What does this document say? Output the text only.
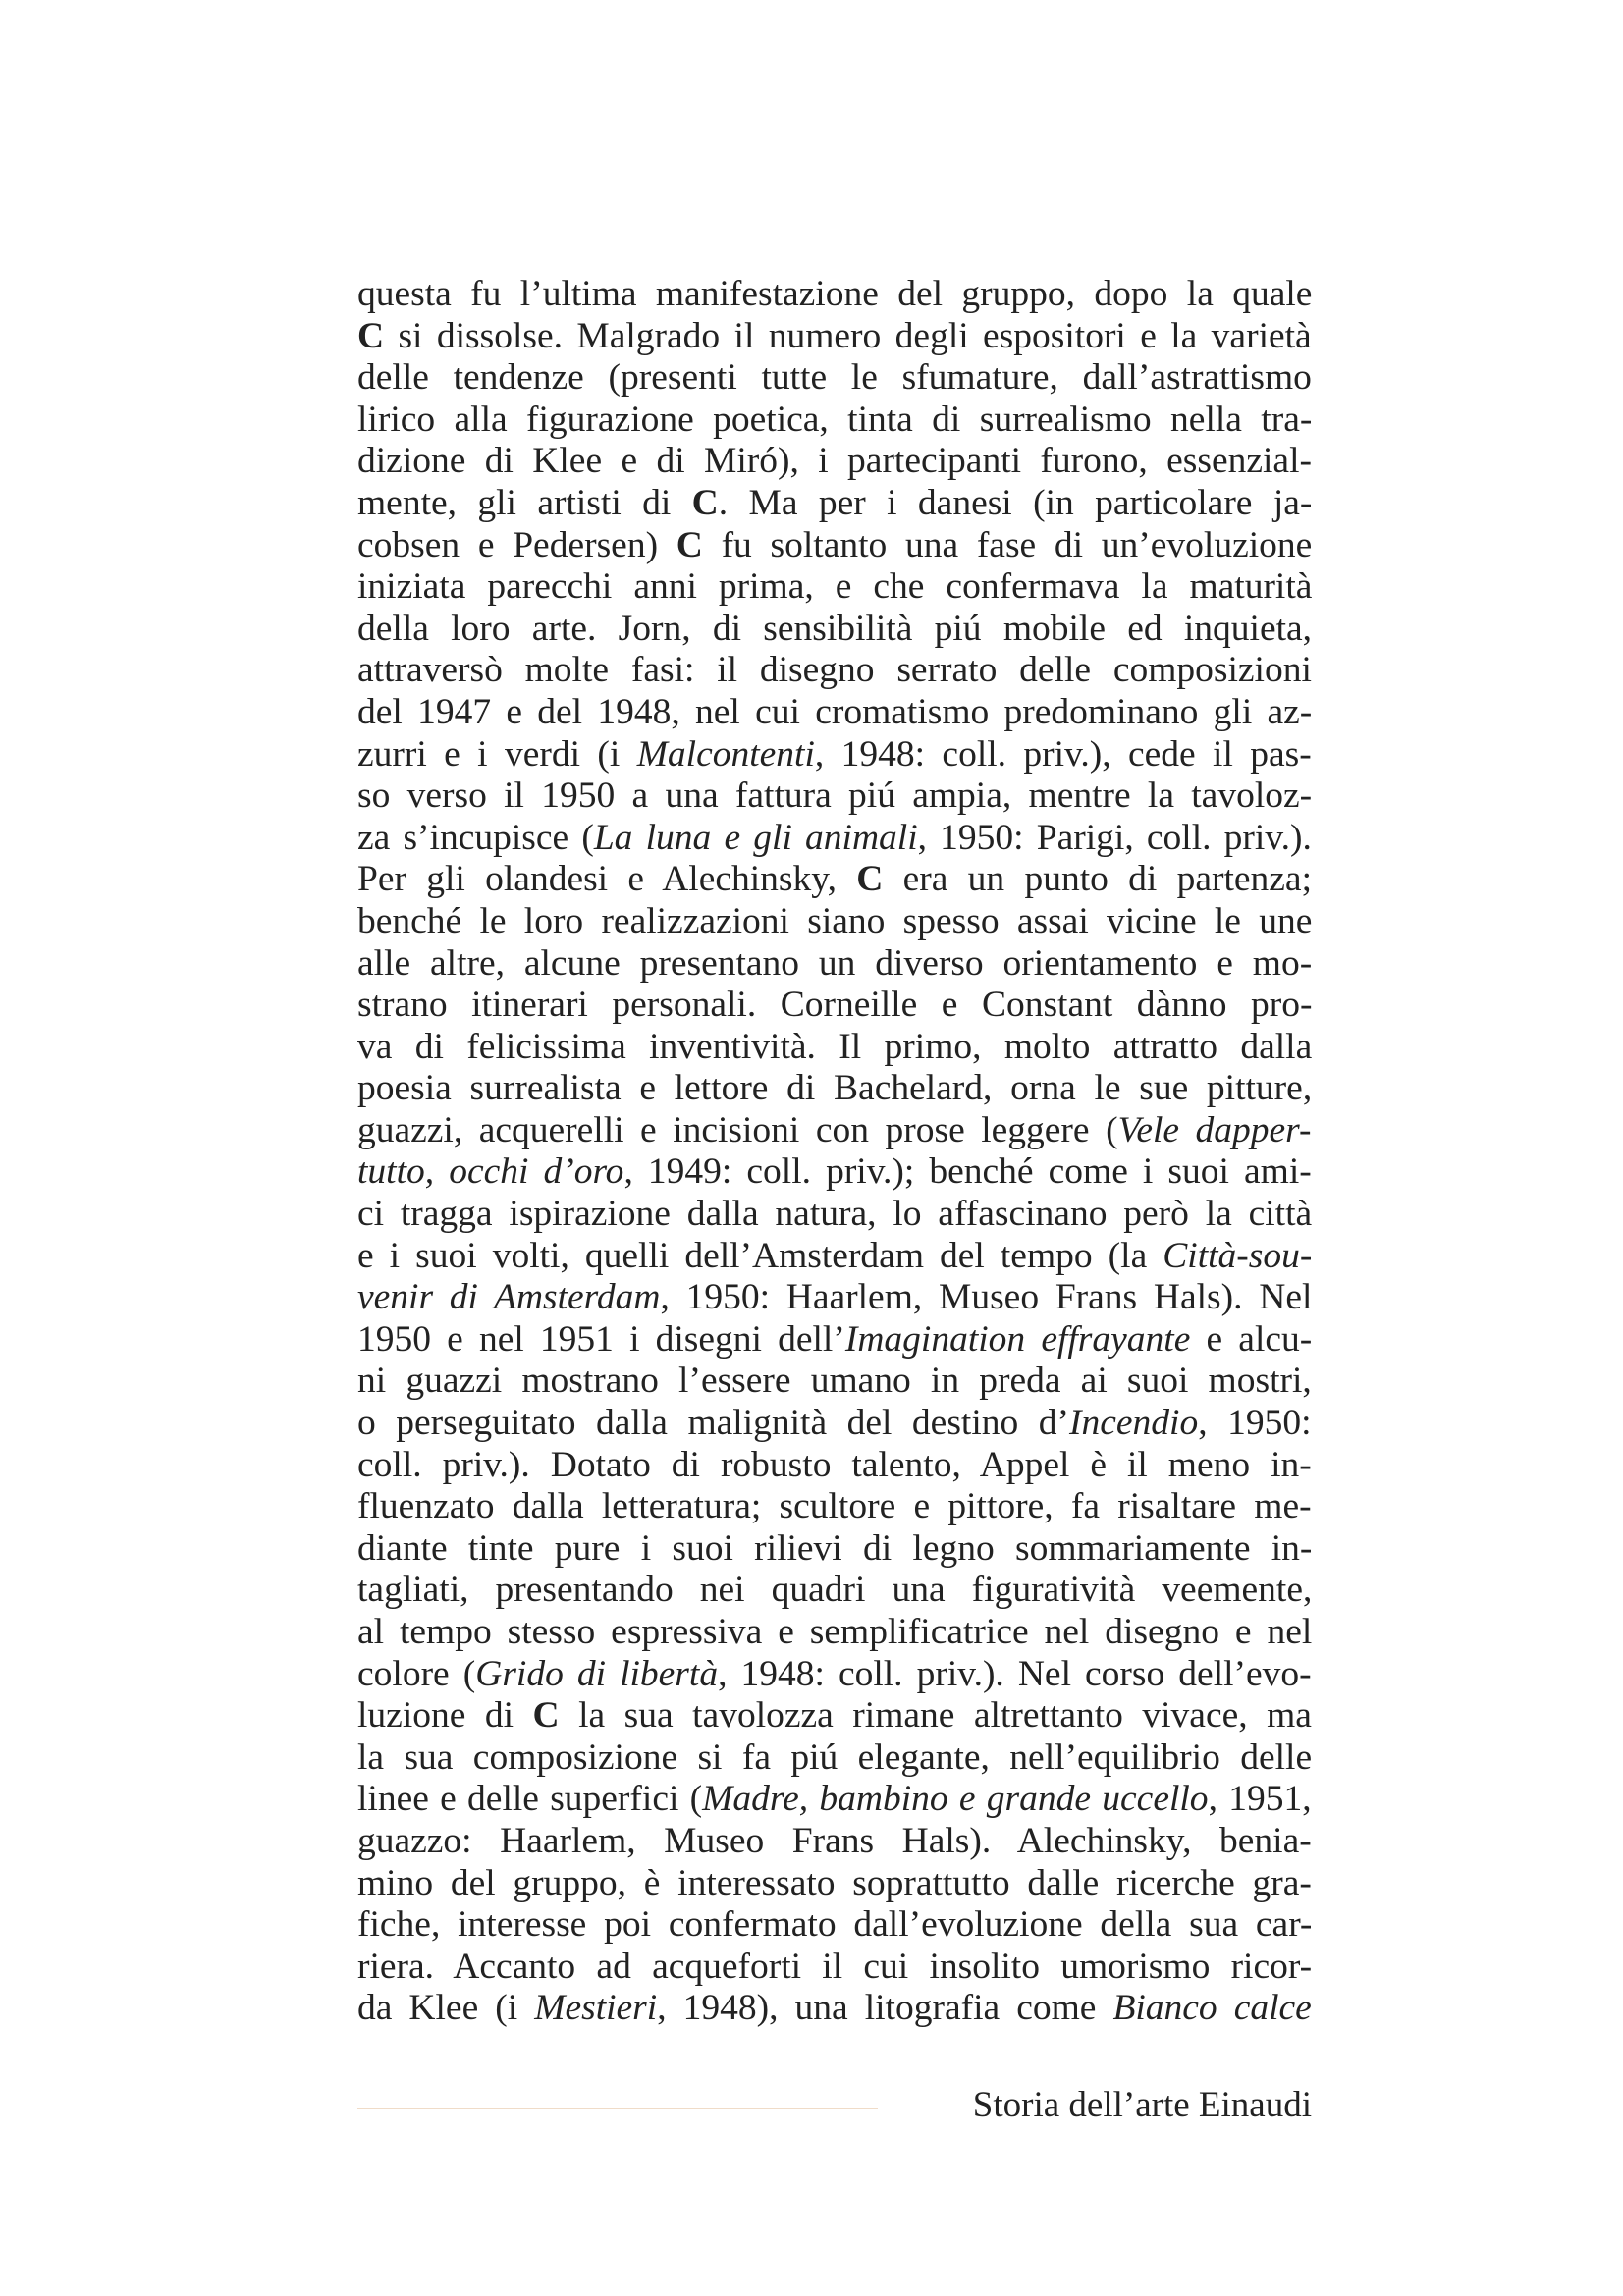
questa fu l’ultima manifestazione del gruppo, dopo la quale
C si dissolse. Malgrado il numero degli espositori e la varietà
delle tendenze (presenti tutte le sfumature, dall’astrattismo
lirico alla figurazione poetica, tinta di surrealismo nella tra-
dizione di Klee e di Miró), i partecipanti furono, essenzial-
mente, gli artisti di C. Ma per i danesi (in particolare ja-
cobsen e Pedersen) C fu soltanto una fase di un’evoluzione
iniziata parecchi anni prima, e che confermava la maturità
della loro arte. Jorn, di sensibilità piú mobile ed inquieta,
attraversò molte fasi: il disegno serrato delle composizioni
del 1947 e del 1948, nel cui cromatismo predominano gli az-
zurri e i verdi (i Malcontenti, 1948: coll. priv.), cede il pas-
so verso il 1950 a una fattura piú ampia, mentre la tavoloz-
za s’incupisce (La luna e gli animali, 1950: Parigi, coll. priv.).
Per gli olandesi e Alechinsky, C era un punto di partenza;
benché le loro realizzazioni siano spesso assai vicine le une
alle altre, alcune presentano un diverso orientamento e mo-
strano itinerari personali. Corneille e Constant dànno pro-
va di felicissima inventività. Il primo, molto attratto dalla
poesia surrealista e lettore di Bachelard, orna le sue pitture,
guazzi, acquerelli e incisioni con prose leggere (Vele dapper-
tutto, occhi d’oro, 1949: coll. priv.); benché come i suoi ami-
ci tragga ispirazione dalla natura, lo affascinano però la città
e i suoi volti, quelli dell’Amsterdam del tempo (la Città-sou-
venir di Amsterdam, 1950: Haarlem, Museo Frans Hals). Nel
1950 e nel 1951 i disegni dell’Imagination effrayante e alcu-
ni guazzi mostrano l’essere umano in preda ai suoi mostri,
o perseguitato dalla malignità del destino d’Incendio, 1950:
coll. priv.). Dotato di robusto talento, Appel è il meno in-
fluenzato dalla letteratura; scultore e pittore, fa risaltare me-
diante tinte pure i suoi rilievi di legno sommariamente in-
tagliati, presentando nei quadri una figuratività veemente,
al tempo stesso espressiva e semplificatrice nel disegno e nel
colore (Grido di libertà, 1948: coll. priv.). Nel corso dell’evo-
luzione di C la sua tavolozza rimane altrettanto vivace, ma
la sua composizione si fa piú elegante, nell’equilibrio delle
linee e delle superfici (Madre, bambino e grande uccello, 1951,
guazzo: Haarlem, Museo Frans Hals). Alechinsky, benia-
mino del gruppo, è interessato soprattutto dalle ricerche gra-
fiche, interesse poi confermato dall’evoluzione della sua car-
riera. Accanto ad acqueforti il cui insolito umorismo ricor-
da Klee (i Mestieri, 1948), una litografia come Bianco calce
Storia dell’arte Einaudi
